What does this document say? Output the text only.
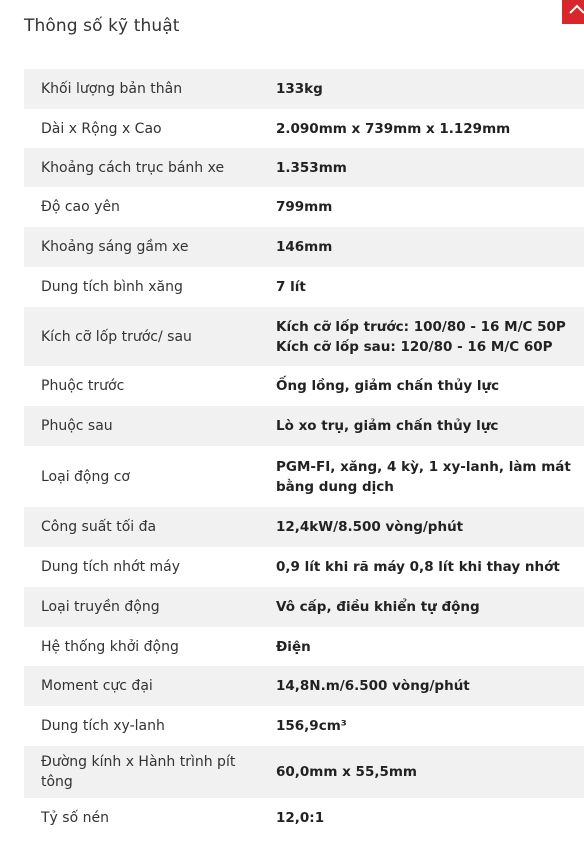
Thông số kỹ thuật
Khối lượng bản thân	133kg
Dài x Rộng x Cao	2.090mm x 739mm x 1.129mm
Khoảng cách trục bánh xe	1.353mm
Độ cao yên	799mm
Khoảng sáng gầm xe	146mm
Dung tích bình xăng	7 lít
Kích cỡ lốp trước/ sau	Kích cỡ lốp trước: 100/80 - 16 M/C 50P
Kích cỡ lốp sau: 120/80 - 16 M/C 60P
Phuộc trước	Ống lồng, giảm chấn thủy lực
Phuộc sau	Lò xo trụ, giảm chấn thủy lực
Loại động cơ	PGM-FI, xăng, 4 kỳ, 1 xy-lanh, làm mát bằng dung dịch
Công suất tối đa	12,4kW/8.500 vòng/phút
Dung tích nhớt máy	0,9 lít khi rã máy 0,8 lít khi thay nhớt
Loại truyền động	Vô cấp, điều khiển tự động
Hệ thống khởi động	Điện
Moment cực đại	14,8N.m/6.500 vòng/phút
Dung tích xy-lanh	156,9cm³
Đường kính x Hành trình pít tông	60,0mm x 55,5mm
Tỷ số nén	12,0:1
